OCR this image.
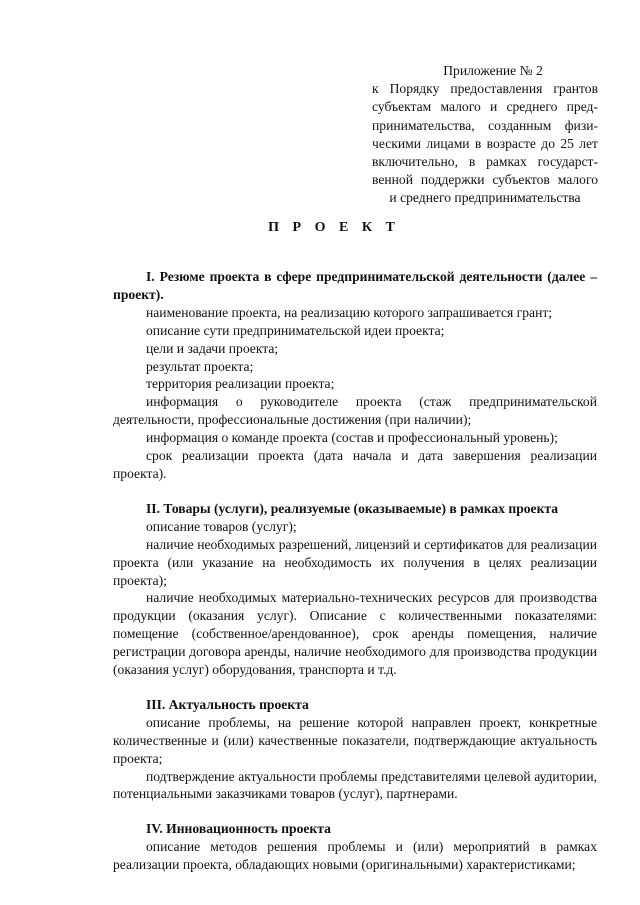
Приложение № 2
к Порядку предоставления грантов
субъектам малого и среднего пред-
принимательства, созданным физи-
ческими лицами в возрасте до 25 лет
включительно, в рамках государст-
венной поддержки субъектов малого
и среднего предпринимательства
П Р О Е К Т

I. Резюме проекта в сфере предпринимательской деятельности (далее – проект).

наименование проекта, на реализацию которого запрашивается грант;

описание сути предпринимательской идеи проекта;

цели и задачи проекта;

результат проекта;

территория реализации проекта;

информация о руководителе проекта (стаж предпринимательской деятельности, профессиональные достижения (при наличии);

информация о команде проекта (состав и профессиональный уровень);

срок реализации проекта (дата начала и дата завершения реализации проекта).

II. Товары (услуги), реализуемые (оказываемые) в рамках проекта

описание товаров (услуг);

наличие необходимых разрешений, лицензий и сертификатов для реализации проекта (или указание на необходимость их получения в целях реализации проекта);

наличие необходимых материально-технических ресурсов для производства продукции (оказания услуг). Описание с количественными показателями: помещение (собственное/арендованное), срок аренды помещения, наличие регистрации договора аренды, наличие необходимого для производства продукции (оказания услуг) оборудования, транспорта и т.д.

III. Актуальность проекта

описание проблемы, на решение которой направлен проект, конкретные количественные и (или) качественные показатели, подтверждающие актуальность проекта;

подтверждение актуальности проблемы представителями целевой аудитории, потенциальными заказчиками товаров (услуг), партнерами.

IV. Инновационность проекта

описание методов решения проблемы и (или) мероприятий в рамках реализации проекта, обладающих новыми (оригинальными) характеристиками;
